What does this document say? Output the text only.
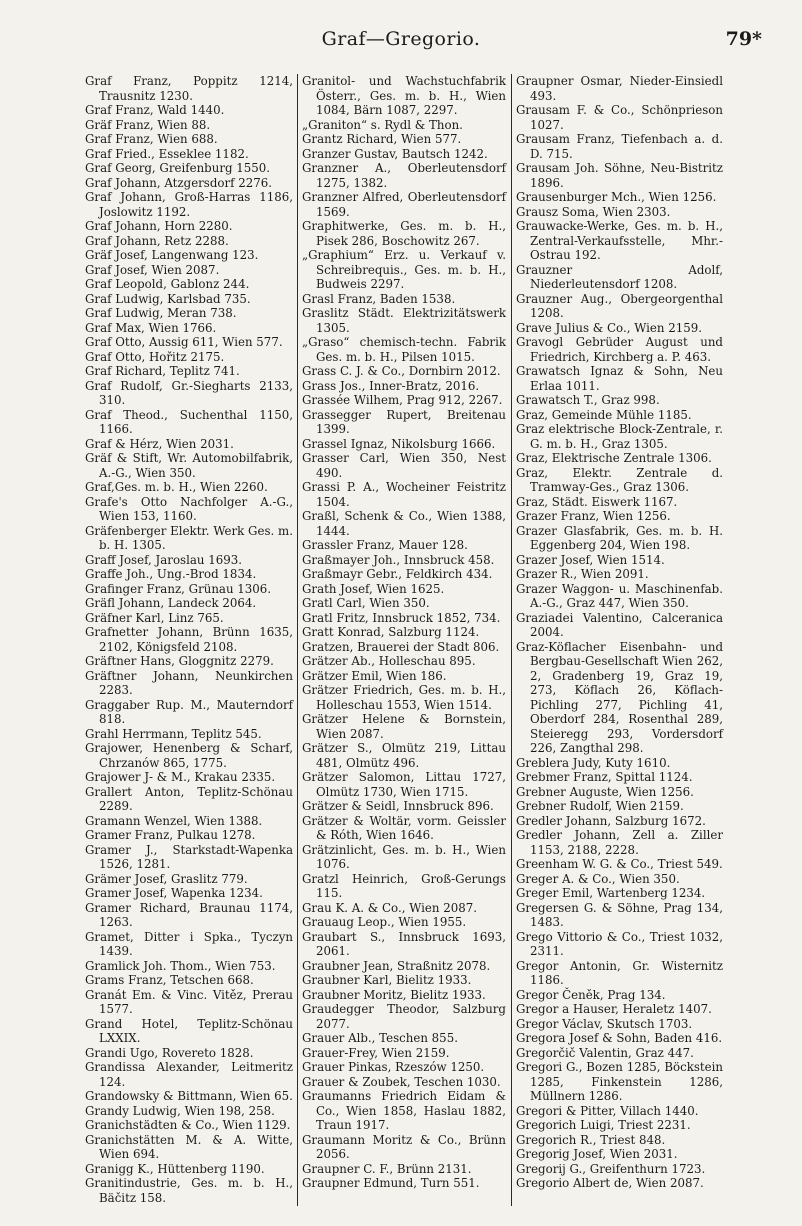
Graf—Gregorio.	79*

Graf Franz, Poppitz 1214, Trausnitz 1230.

Graf Franz, Wald 1440.

Gräf Franz, Wien 88.

Graf Franz, Wien 688.

Graf Fried., Esseklee 1182.

Graf Georg, Greifenburg 1550.

Graf Johann, Atzgersdorf 2276.

Graf Johann, Groß-Harras 1186, Joslowitz 1192.

Graf Johann, Horn 2280.

Graf Johann, Retz 2288.

Gräf Josef, Langenwang 123.

Graf Josef, Wien 2087.

Graf Leopold, Gablonz 244.

Graf Ludwig, Karlsbad 735.

Graf Ludwig, Meran 738.

Graf Max, Wien 1766.

Graf Otto, Aussig 611, Wien 577.

Graf Otto, Hořitz 2175.

Graf Richard, Teplitz 741.

Graf Rudolf, Gr.-Siegharts 2133, 310.

Graf Theod., Suchenthal 1150, 1166.

Graf & Hérz, Wien 2031.

Gräf & Stift, Wr. Automobilfabrik, A.-G., Wien 350.

Graf,Ges. m. b. H., Wien 2260.

Grafe's Otto Nachfolger A.-G., Wien 153, 1160.

Gräfenberger Elektr. Werk Ges. m. b. H. 1305.

Graff Josef, Jaroslau 1693.

Graffe Joh., Ung.-Brod 1834.

Grafinger Franz, Grünau 1306.

Gräfl Johann, Landeck 2064.

Gräfner Karl, Linz 765.

Grafnetter Johann, Brünn 1635, 2102, Königsfeld 2108.

Gräftner Hans, Gloggnitz 2279.

Gräftner Johann, Neunkirchen 2283.

Graggaber Rup. M., Mauterndorf 818.

Grahl Herrmann, Teplitz 545.

Grajower, Henenberg & Scharf, Chrzanów 865, 1775.

Grajower J- & M., Krakau 2335.

Grallert Anton, Teplitz-Schönau 2289.

Gramann Wenzel, Wien 1388.

Gramer Franz, Pulkau 1278.

Gramer J., Starkstadt-Wapenka 1526, 1281.

Grämer Josef, Graslitz 779.

Gramer Josef, Wapenka 1234.

Gramer Richard, Braunau 1174, 1263.

Gramet, Ditter i Spka., Tyczyn 1439.

Gramlick Joh. Thom., Wien 753.

Grams Franz, Tetschen 668.

Granát Em. & Vinc. Vitěz, Prerau 1577.

Grand Hotel, Teplitz-Schönau LXXIX.

Grandi Ugo, Rovereto 1828.

Grandissa Alexander, Leitmeritz 124.

Grandowsky & Bittmann, Wien 65.

Grandy Ludwig, Wien 198, 258.

Granichstädten & Co., Wien 1129.

Granichstätten M. & A. Witte, Wien 694.

Granigg K., Hüttenberg 1190.

Granitindustrie, Ges. m. b. H., Bäčitz 158.

Granitol- und Wachstuchfabrik Österr., Ges. m. b. H., Wien 1084, Bärn 1087, 2297.

„Graniton“ s. Rydl & Thon.

Grantz Richard, Wien 577.

Granzer Gustav, Bautsch 1242.

Granzner A., Oberleutensdorf 1275, 1382.

Granzner Alfred, Oberleutensdorf 1569.

Graphitwerke, Ges. m. b. H., Pisek 286, Boschowitz 267.

„Graphium“ Erz. u. Verkauf v. Schreibrequis., Ges. m. b. H., Budweis 2297.

Grasl Franz, Baden 1538.

Graslitz Städt. Elektrizitätswerk 1305.

„Graso“ chemisch-techn. Fabrik Ges. m. b. H., Pilsen 1015.

Grass C. J. & Co., Dornbirn 2012.

Grass Jos., Inner-Bratz, 2016.

Grassée Wilhem, Prag 912, 2267.

Grassegger Rupert, Breitenau 1399.

Grassel Ignaz, Nikolsburg 1666.

Grasser Carl, Wien 350, Nest 490.

Grassi P. A., Wocheiner Feistritz 1504.

Graßl, Schenk & Co., Wien 1388, 1444.

Grassler Franz, Mauer 128.

Graßmayer Joh., Innsbruck 458.

Graßmayr Gebr., Feldkirch 434.

Grath Josef, Wien 1625.

Gratl Carl, Wien 350.

Gratl Fritz, Innsbruck 1852, 734.

Gratt Konrad, Salzburg 1124.

Gratzen, Brauerei der Stadt 806.

Grätzer Ab., Holleschau 895.

Grätzer Emil, Wien 186.

Grätzer Friedrich, Ges. m. b. H., Holleschau 1553, Wien 1514.

Grätzer Helene & Bornstein, Wien 2087.

Grätzer S., Olmütz 219, Littau 481, Olmütz 496.

Grätzer Salomon, Littau 1727, Olmütz 1730, Wien 1715.

Grätzer & Seidl, Innsbruck 896.

Grätzer & Woltär, vorm. Geissler & Róth, Wien 1646.

Grätzinlicht, Ges. m. b. H., Wien 1076.

Gratzl Heinrich, Groß-Gerungs 115.

Grau K. A. & Co., Wien 2087.

Grauaug Leop., Wien 1955.

Graubart S., Innsbruck 1693, 2061.

Graubner Jean, Straßnitz 2078.

Graubner Karl, Bielitz 1933.

Graubner Moritz, Bielitz 1933.

Graudegger Theodor, Salzburg 2077.

Grauer Alb., Teschen 855.

Grauer-Frey, Wien 2159.

Grauer Pinkas, Rzeszów 1250.

Grauer & Zoubek, Teschen 1030.

Graumanns Friedrich Eidam & Co., Wien 1858, Haslau 1882, Traun 1917.

Graumann Moritz & Co., Brünn 2056.

Graupner C. F., Brünn 2131.

Graupner Edmund, Turn 551.

Graupner Osmar, Nieder-Einsiedl 493.

Grausam F. & Co., Schönprieson 1027.

Grausam Franz, Tiefenbach a. d. D. 715.

Grausam Joh. Söhne, Neu-Bistritz 1896.

Grausenburger Mch., Wien 1256.

Grausz Soma, Wien 2303.

Grauwacke-Werke, Ges. m. b. H., Zentral-Verkaufsstelle, Mhr.-Ostrau 192.

Grauzner Adolf, Niederleutensdorf 1208.

Grauzner Aug., Obergeorgenthal 1208.

Grave Julius & Co., Wien 2159.

Gravogl Gebrüder August und Friedrich, Kirchberg a. P. 463.

Grawatsch Ignaz & Sohn, Neu Erlaa 1011.

Grawatsch T., Graz 998.

Graz, Gemeinde Mühle 1185.

Graz elektrische Block-Zentrale, r. G. m. b. H., Graz 1305.

Graz, Elektrische Zentrale 1306.

Graz, Elektr. Zentrale d. Tramway-Ges., Graz 1306.

Graz, Städt. Eiswerk 1167.

Grazer Franz, Wien 1256.

Grazer Glasfabrik, Ges. m. b. H. Eggenberg 204, Wien 198.

Grazer Josef, Wien 1514.

Grazer R., Wien 2091.

Grazer Waggon- u. Maschinenfab. A.-G., Graz 447, Wien 350.

Graziadei Valentino, Calceranica 2004.

Graz-Köflacher Eisenbahn- und Bergbau-Gesellschaft Wien 262, 2, Gradenberg 19, Graz 19, 273, Köflach 26, Köflach-Pichling 277, Pichling 41, Oberdorf 284, Rosenthal 289, Steieregg 293, Vordersdorf 226, Zangthal 298.

Greblera Judy, Kuty 1610.

Grebmer Franz, Spittal 1124.

Grebner Auguste, Wien 1256.

Grebner Rudolf, Wien 2159.

Gredler Johann, Salzburg 1672.

Gredler Johann, Zell a. Ziller 1153, 2188, 2228.

Greenham W. G. & Co., Triest 549.

Greger A. & Co., Wien 350.

Greger Emil, Wartenberg 1234.

Gregersen G. & Söhne, Prag 134, 1483.

Grego Vittorio & Co., Triest 1032, 2311.

Gregor Antonin, Gr. Wisternitz 1186.

Gregor Čeněk, Prag 134.

Gregor a Hauser, Heraletz 1407.

Gregor Václav, Skutsch 1703.

Gregora Josef & Sohn, Baden 416.

Gregorčič Valentin, Graz 447.

Gregori G., Bozen 1285, Böckstein 1285, Finkenstein 1286, Müllnern 1286.

Gregori & Pitter, Villach 1440.

Gregorich Luigi, Triest 2231.

Gregorich R., Triest 848.

Gregorig Josef, Wien 2031.

Gregorij G., Greifenthurn 1723.

Gregorio Albert de, Wien 2087.
